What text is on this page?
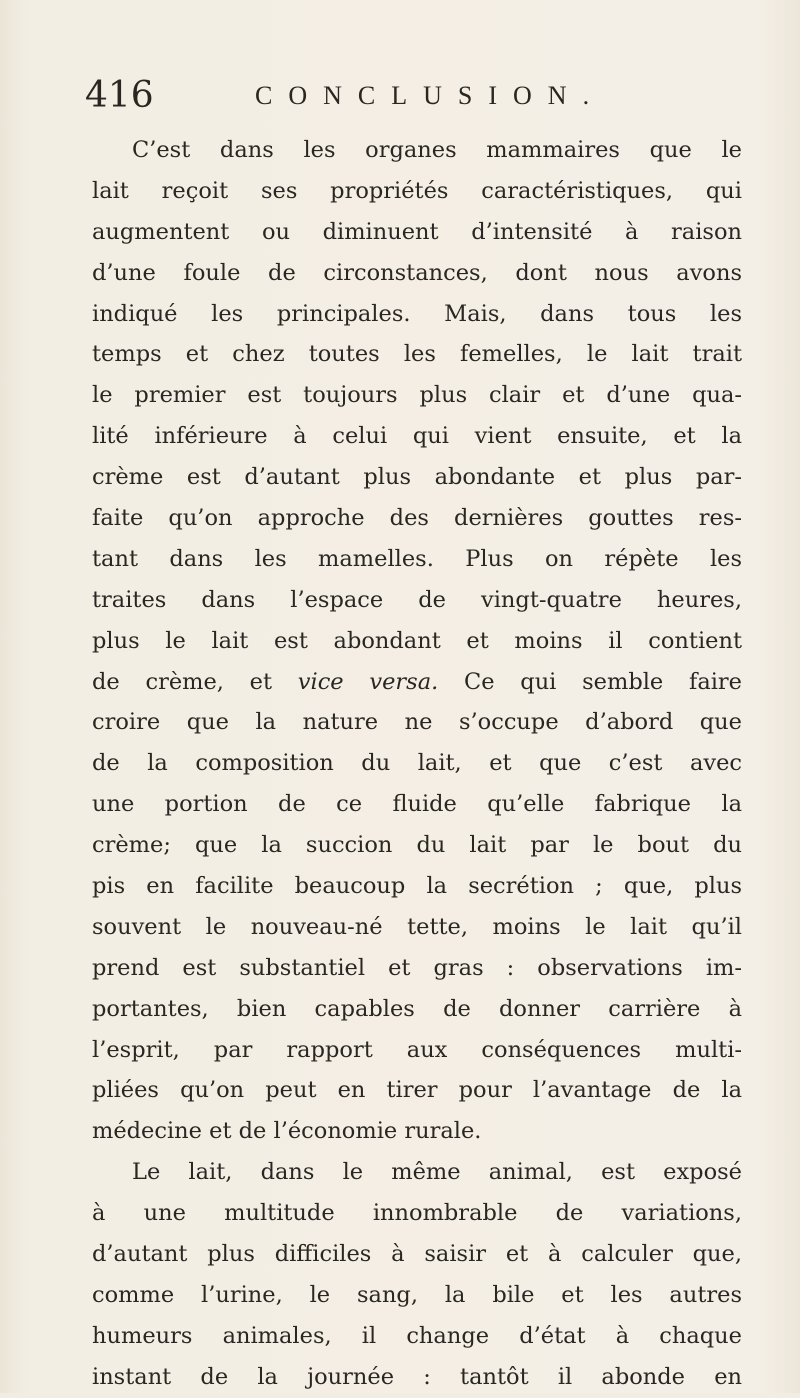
416	CONCLUSION.
C’est dans les organes mammaires que le
lait reçoit ses propriétés caractéristiques, qui
augmentent ou diminuent d’intensité à raison
d’une foule de circonstances, dont nous avons
indiqué les principales. Mais, dans tous les
temps et chez toutes les femelles, le lait trait
le premier est toujours plus clair et d’une qua-
lité inférieure à celui qui vient ensuite, et la
crème est d’autant plus abondante et plus par-
faite qu’on approche des dernières gouttes res-
tant dans les mamelles. Plus on répète les
traites dans l’espace de vingt-quatre heures,
plus le lait est abondant et moins il contient
de crème, et vice versa. Ce qui semble faire
croire que la nature ne s’occupe d’abord que
de la composition du lait, et que c’est avec
une portion de ce fluide qu’elle fabrique la
crème; que la succion du lait par le bout du
pis en facilite beaucoup la secrétion ; que, plus
souvent le nouveau-né tette, moins le lait qu’il
prend est substantiel et gras : observations im-
portantes, bien capables de donner carrière à
l’esprit, par rapport aux conséquences multi-
pliées qu’on peut en tirer pour l’avantage de la
médecine et de l’économie rurale.
Le lait, dans le même animal, est exposé
à une multitude innombrable de variations,
d’autant plus difficiles à saisir et à calculer que,
comme l’urine, le sang, la bile et les autres
humeurs animales, il change d’état à chaque
instant de la journée : tantôt il abonde en
